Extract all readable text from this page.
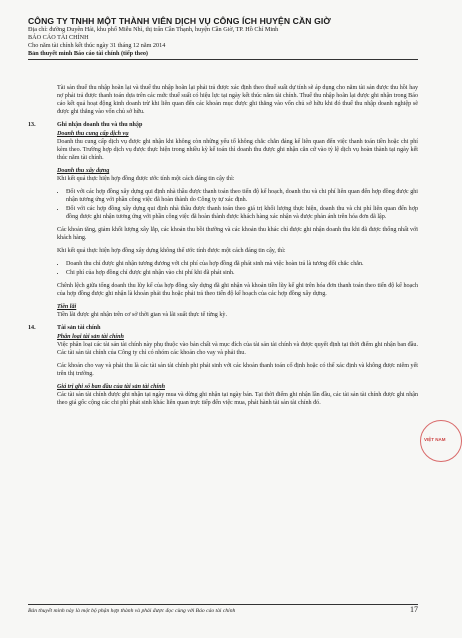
CÔNG TY TNHH MỘT THÀNH VIÊN DỊCH VỤ CÔNG ÍCH HUYỆN CẦN GIỜ
Địa chỉ: đường Duyên Hải, khu phố Miễu Nhì, thị trấn Cần Thạnh, huyện Cần Giờ, TP. Hồ Chí Minh
BÁO CÁO TÀI CHÍNH
Cho năm tài chính kết thúc ngày 31 tháng 12 năm 2014
Bản thuyết minh Báo cáo tài chính (tiếp theo)

Tài sản thuế thu nhập hoãn lại và thuế thu nhập hoãn lại phải trả được xác định theo thuế suất dự tính sẽ áp dụng cho năm tài sản được thu hồi hay nợ phải trả được thanh toán dựa trên các mức thuế suất có hiệu lực tại ngày kết thúc năm tài chính. Thuế thu nhập hoãn lại được ghi nhận trong Báo cáo kết quả hoạt động kinh doanh trừ khi liên quan đến các khoản mục được ghi thẳng vào vốn chủ sở hữu khi đó thuế thu nhập doanh nghiệp sẽ được ghi thẳng vào vốn chủ sở hữu.

13.	Ghi nhận doanh thu và thu nhập
Doanh thu cung cấp dịch vụ

Doanh thu cung cấp dịch vụ được ghi nhận khi không còn những yếu tố không chắc chắn đáng kể liên quan đến việc thanh toán tiền hoặc chi phí kèm theo. Trường hợp dịch vụ được thực hiện trong nhiều kỳ kế toán thì doanh thu được ghi nhận căn cứ vào tỷ lệ dịch vụ hoàn thành tại ngày kết thúc năm tài chính.

Doanh thu xây dựng

Khi kết quả thực hiện hợp đồng được ước tính một cách đáng tin cậy thì:

• Đối với các hợp đồng xây dựng qui định nhà thầu được thanh toán theo tiến độ kế hoạch, doanh thu và chi phí liên quan đến hợp đồng được ghi nhận tương ứng với phần công việc đã hoàn thành do Công ty tự xác định.
• Đối với các hợp đồng xây dựng qui định nhà thầu được thanh toán theo giá trị khối lượng thực hiện, doanh thu và chi phí liên quan đến hợp đồng được ghi nhận tương ứng với phần công việc đã hoàn thành được khách hàng xác nhận và được phản ánh trên hóa đơn đã lập.

Các khoản tăng, giảm khối lượng xây lắp, các khoản thu bồi thường và các khoản thu khác chỉ được ghi nhận doanh thu khi đã được thống nhất với khách hàng.

Khi kết quả thực hiện hợp đồng xây dựng không thể ước tính được một cách đáng tin cậy, thì:

• Doanh thu chỉ được ghi nhận tương đương với chi phí của hợp đồng đã phát sinh mà việc hoàn trả là tương đối chắc chắn.
• Chi phí của hợp đồng chỉ được ghi nhận vào chi phí khi đã phát sinh.

Chênh lệch giữa tổng doanh thu lũy kế của hợp đồng xây dựng đã ghi nhận và khoản tiền lũy kế ghi trên hóa đơn thanh toán theo tiến độ kế hoạch của hợp đồng được ghi nhận là khoản phải thu hoặc phải trả theo tiến độ kế hoạch của các hợp đồng xây dựng.

Tiền lãi

Tiền lãi được ghi nhận trên cơ sở thời gian và lãi suất thực tế từng kỳ.

14.	Tài sản tài chính
Phân loại tài sản tài chính

Việc phân loại các tài sản tài chính này phụ thuộc vào bản chất và mục đích của tài sản tài chính và được quyết định tại thời điểm ghi nhận ban đầu. Các tài sản tài chính của Công ty chỉ có nhóm các khoản cho vay và phải thu.

Các khoản cho vay và phải thu là các tài sản tài chính phi phái sinh với các khoản thanh toán cố định hoặc có thể xác định và không được niêm yết trên thị trường.

Giá trị ghi sổ ban đầu của tài sản tài chính

Các tài sản tài chính được ghi nhận tại ngày mua và dừng ghi nhận tại ngày bán. Tại thời điểm ghi nhận lần đầu, các tài sản tài chính được ghi nhận theo giá gốc cộng các chi phí phát sinh khác liên quan trực tiếp đến việc mua, phát hành tài sản tài chính đó.

Bản thuyết minh này là một bộ phận hợp thành và phải được đọc cùng với Báo cáo tài chính	17
VIỆT NAM
